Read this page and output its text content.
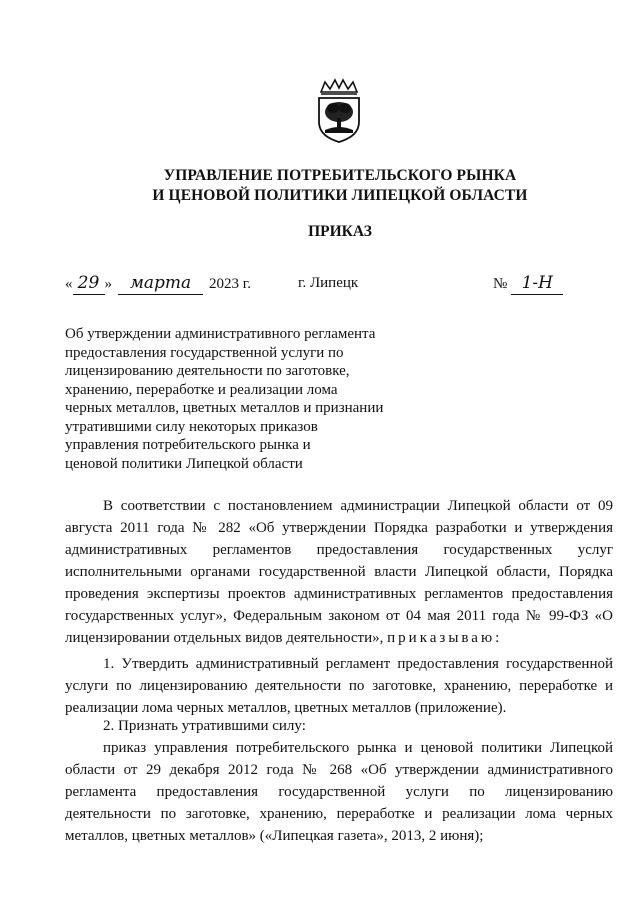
УПРАВЛЕНИЕ ПОТРЕБИТЕЛЬСКОГО РЫНКА
И ЦЕНОВОЙ ПОЛИТИКИ ЛИПЕЦКОЙ ОБЛАСТИ
ПРИКАЗ
« 29 » марта 2023 г.	г. Липецк	№ 1-Н
Об утверждении административного регламента
предоставления государственной услуги по
лицензированию деятельности по заготовке,
хранению, переработке и реализации лома
черных металлов, цветных металлов и признании
утратившими силу некоторых приказов
управления потребительского рынка и
ценовой политики Липецкой области
В соответствии с постановлением администрации Липецкой области от 09 августа 2011 года № 282 «Об утверждении Порядка разработки и утверждения административных регламентов предоставления государственных услуг исполнительными органами государственной власти Липецкой области, Порядка проведения экспертизы проектов административных регламентов предоставления государственных услуг», Федеральным законом от 04 мая 2011 года № 99-ФЗ «О лицензировании отдельных видов деятельности», приказываю:
1. Утвердить административный регламент предоставления государственной услуги по лицензированию деятельности по заготовке, хранению, переработке и реализации лома черных металлов, цветных металлов (приложение).
2. Признать утратившими силу:
приказ управления потребительского рынка и ценовой политики Липецкой области от 29 декабря 2012 года № 268 «Об утверждении административного регламента предоставления государственной услуги по лицензированию деятельности по заготовке, хранению, переработке и реализации лома черных металлов, цветных металлов» («Липецкая газета», 2013, 2 июня);
